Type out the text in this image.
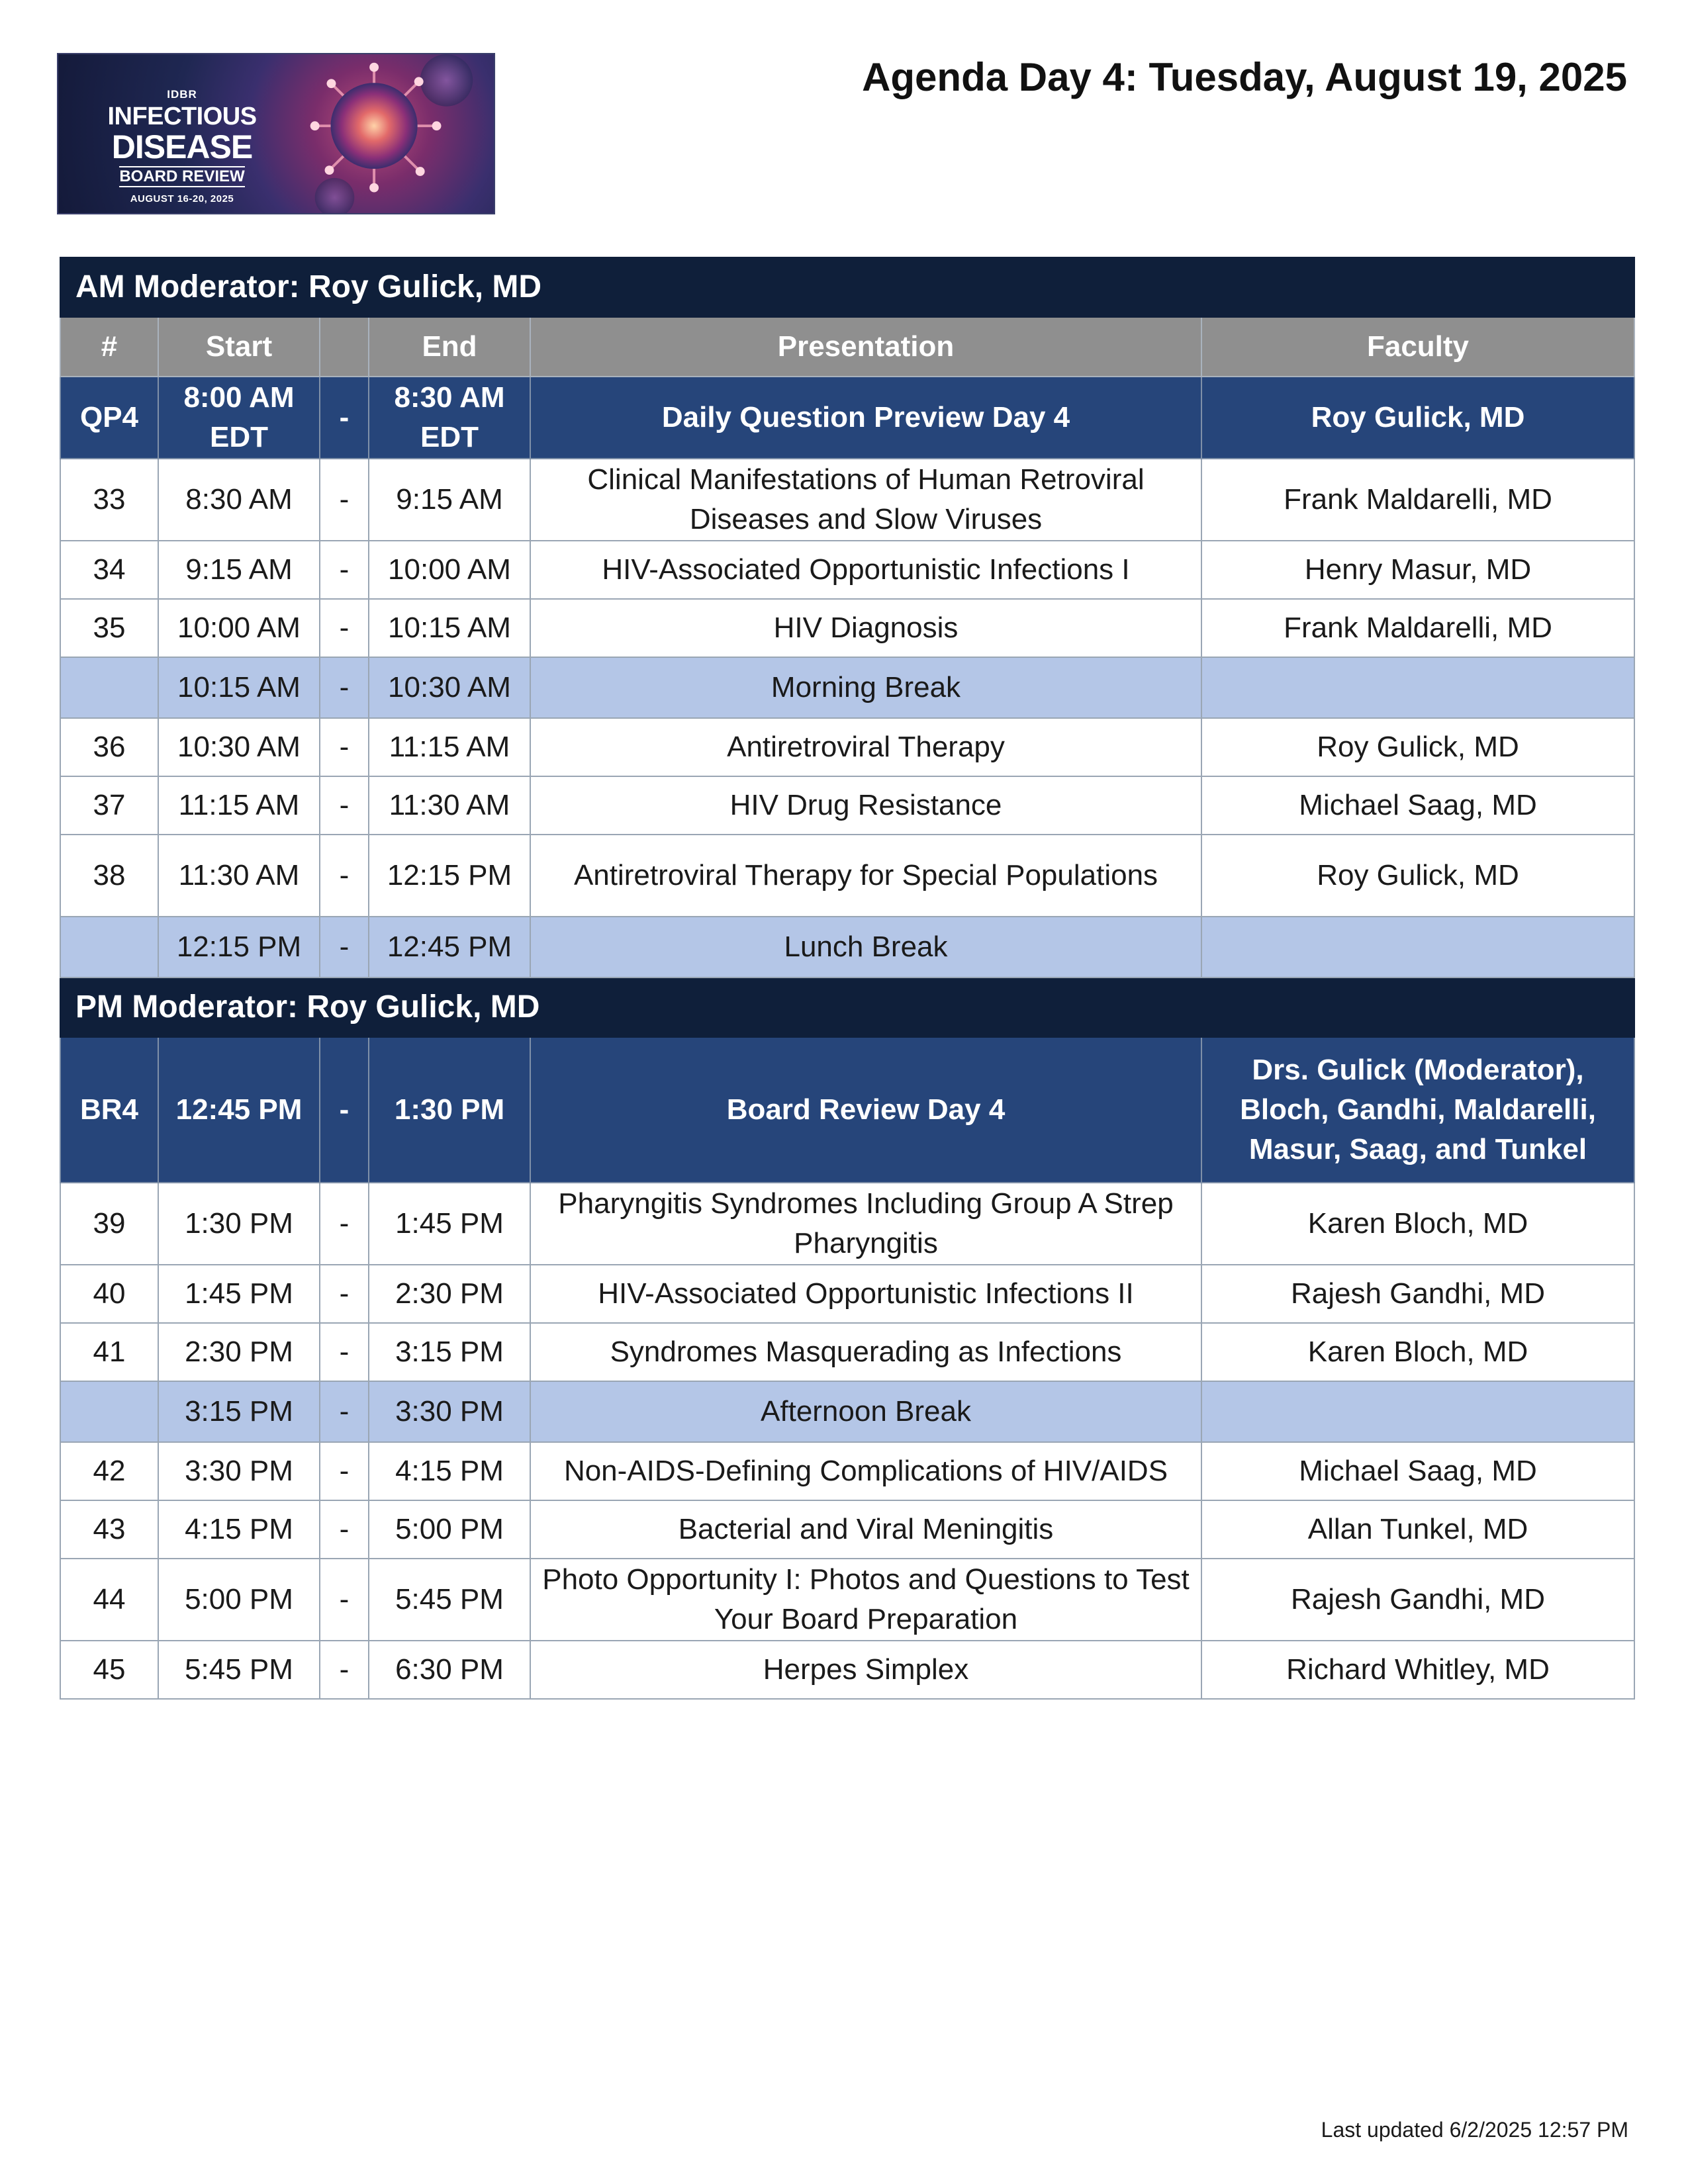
IDBR
INFECTIOUS
DISEASE
BOARD REVIEW
AUGUST 16-20, 2025
Agenda Day 4: Tuesday, August 19, 2025
AM Moderator: Roy Gulick, MD					
#	Start		End	Presentation	Faculty
QP4	8:00 AM EDT	-	8:30 AM EDT	Daily Question Preview Day 4	Roy Gulick, MD
33	8:30 AM	-	9:15 AM	Clinical Manifestations of Human Retroviral Diseases and Slow Viruses	Frank Maldarelli, MD
34	9:15 AM	-	10:00 AM	HIV-Associated Opportunistic Infections I	Henry Masur, MD
35	10:00 AM	-	10:15 AM	HIV Diagnosis	Frank Maldarelli, MD
	10:15 AM	-	10:30 AM	Morning Break	
36	10:30 AM	-	11:15 AM	Antiretroviral Therapy	Roy Gulick, MD
37	11:15 AM	-	11:30 AM	HIV Drug Resistance	Michael Saag, MD
38	11:30 AM	-	12:15 PM	Antiretroviral Therapy for Special Populations	Roy Gulick, MD
	12:15 PM	-	12:45 PM	Lunch Break	
PM Moderator: Roy Gulick, MD					
BR4	12:45 PM	-	1:30 PM	Board Review Day 4	Drs. Gulick (Moderator), Bloch, Gandhi, Maldarelli, Masur, Saag, and Tunkel
39	1:30 PM	-	1:45 PM	Pharyngitis Syndromes Including Group A Strep Pharyngitis	Karen Bloch, MD
40	1:45 PM	-	2:30 PM	HIV-Associated Opportunistic Infections II	Rajesh Gandhi, MD
41	2:30 PM	-	3:15 PM	Syndromes Masquerading as Infections	Karen Bloch, MD
	3:15 PM	-	3:30 PM	Afternoon Break	
42	3:30 PM	-	4:15 PM	Non-AIDS-Defining Complications of HIV/AIDS	Michael Saag, MD
43	4:15 PM	-	5:00 PM	Bacterial and Viral Meningitis	Allan Tunkel, MD
44	5:00 PM	-	5:45 PM	Photo Opportunity I: Photos and Questions to Test Your Board Preparation	Rajesh Gandhi, MD
45	5:45 PM	-	6:30 PM	Herpes Simplex	Richard Whitley, MD
Last updated 6/2/2025 12:57 PM
